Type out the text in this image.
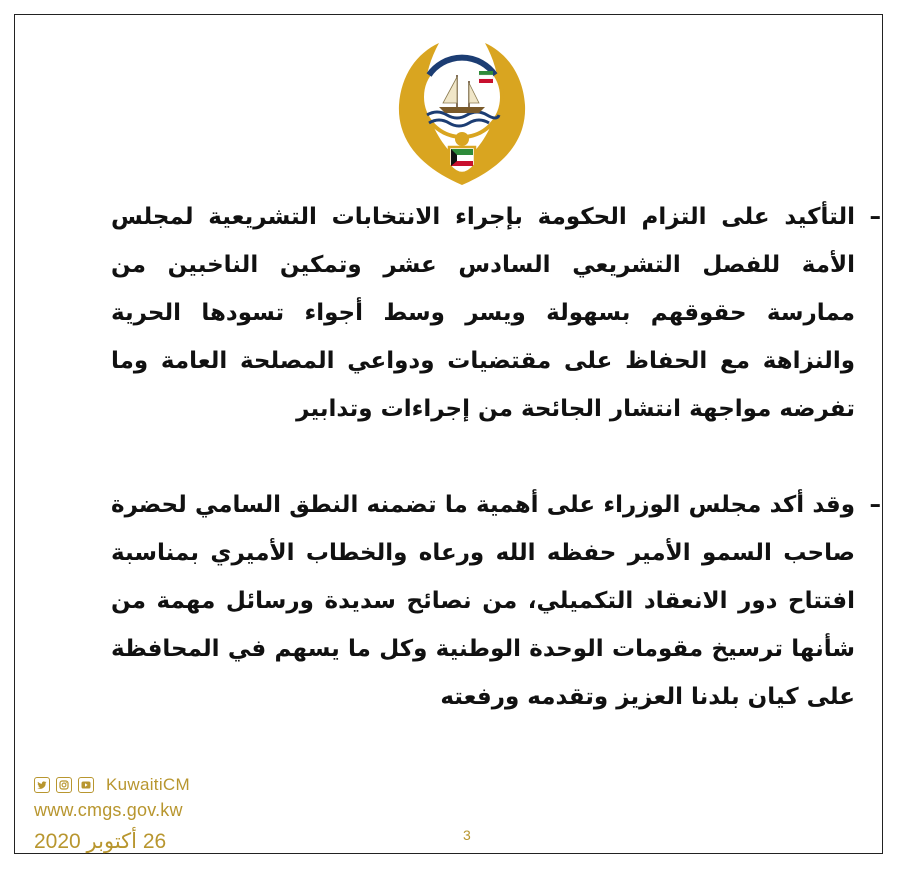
–
التأكيد على التزام الحكومة بإجراء الانتخابات التشريعية لمجلس الأمة للفصل التشريعي السادس عشر وتمكين الناخبين من ممارسة حقوقهم بسهولة ويسر وسط أجواء تسودها الحرية والنزاهة مع الحفاظ على مقتضيات ودواعي المصلحة العامة وما تفرضه مواجهة انتشار الجائحة من إجراءات وتدابير

–
وقد أكد مجلس الوزراء على أهمية ما تضمنه النطق السامي لحضرة صاحب السمو الأمير حفظه الله ورعاه والخطاب الأميري بمناسبة افتتاح دور الانعقاد التكميلي، من نصائح سديدة ورسائل مهمة من شأنها ترسيخ مقومات الوحدة الوطنية وكل ما يسهم في المحافظة على كيان بلدنا العزيز وتقدمه ورفعته

3
KuwaitiCM
www.cmgs.gov.kw
26 أكتوبر 2020
